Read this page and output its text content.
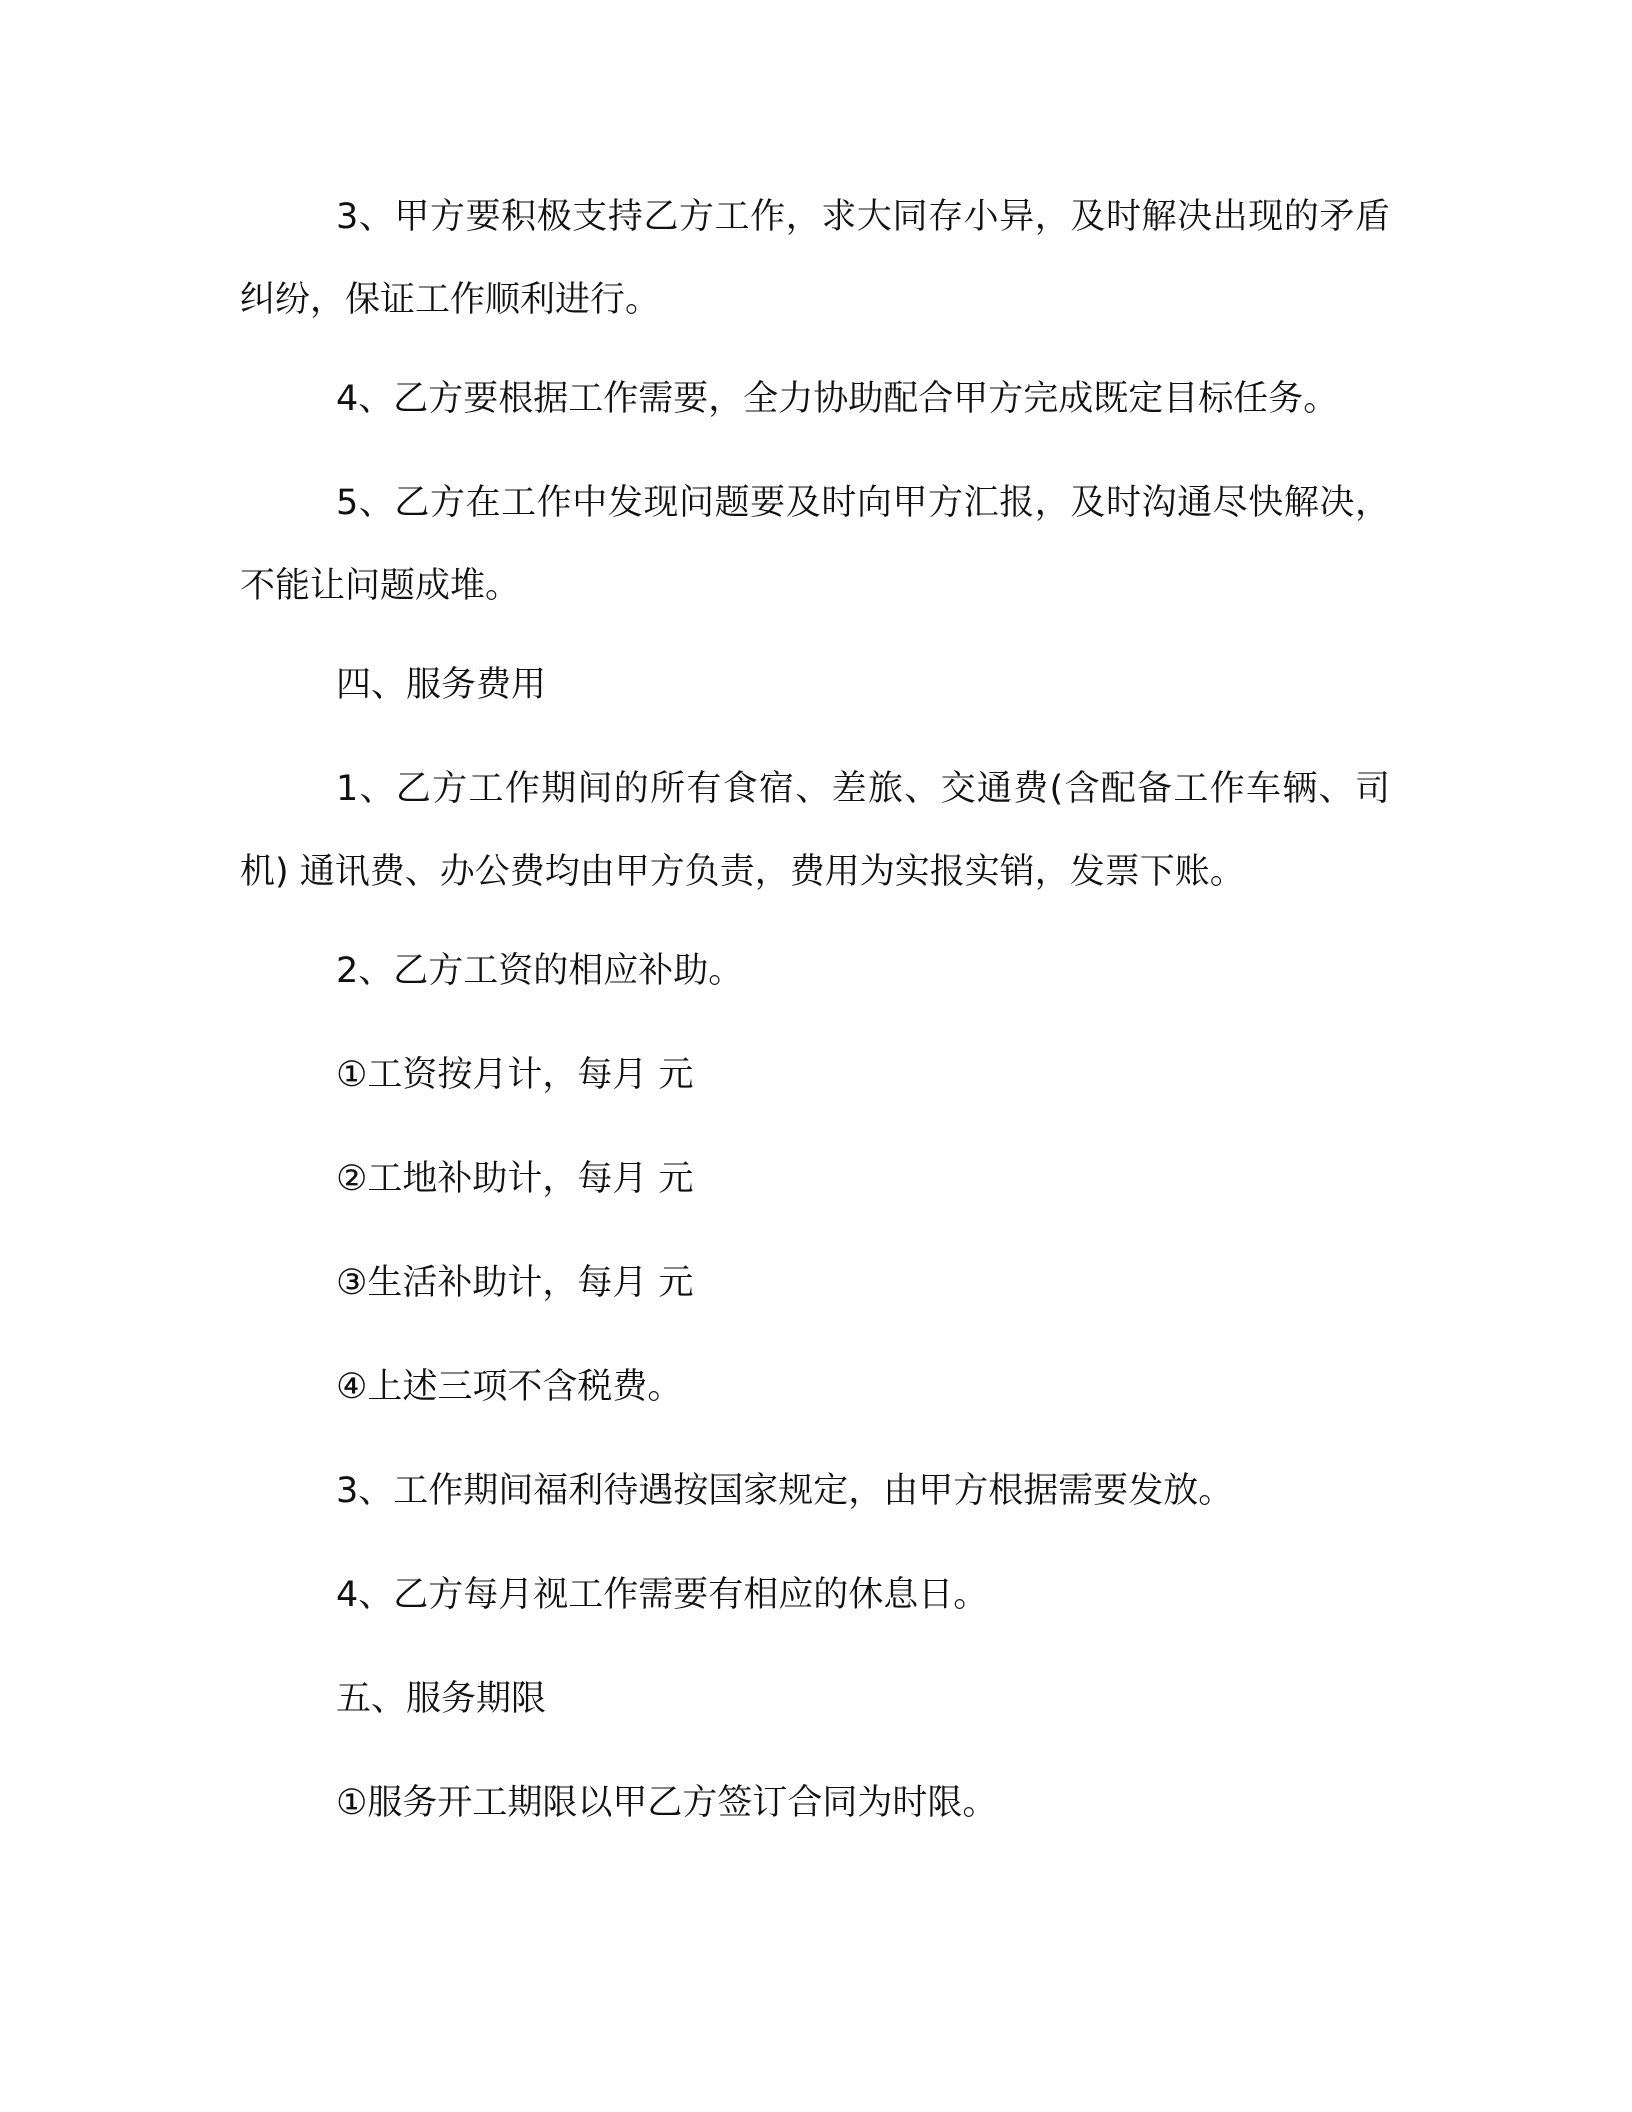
3、甲方要积极支持乙方工作，求大同存小异，及时解决出现的矛盾纠纷，保证工作顺利进行。

4、乙方要根据工作需要，全力协助配合甲方完成既定目标任务。

5、乙方在工作中发现问题要及时向甲方汇报，及时沟通尽快解决，不能让问题成堆。

四、服务费用

1、乙方工作期间的所有食宿、差旅、交通费(含配备工作车辆、司机) 通讯费、办公费均由甲方负责，费用为实报实销，发票下账。

2、乙方工资的相应补助。

①工资按月计，每月 元

②工地补助计，每月 元

③生活补助计，每月 元

④上述三项不含税费。

3、工作期间福利待遇按国家规定，由甲方根据需要发放。

4、乙方每月视工作需要有相应的休息日。

五、服务期限

①服务开工期限以甲乙方签订合同为时限。
